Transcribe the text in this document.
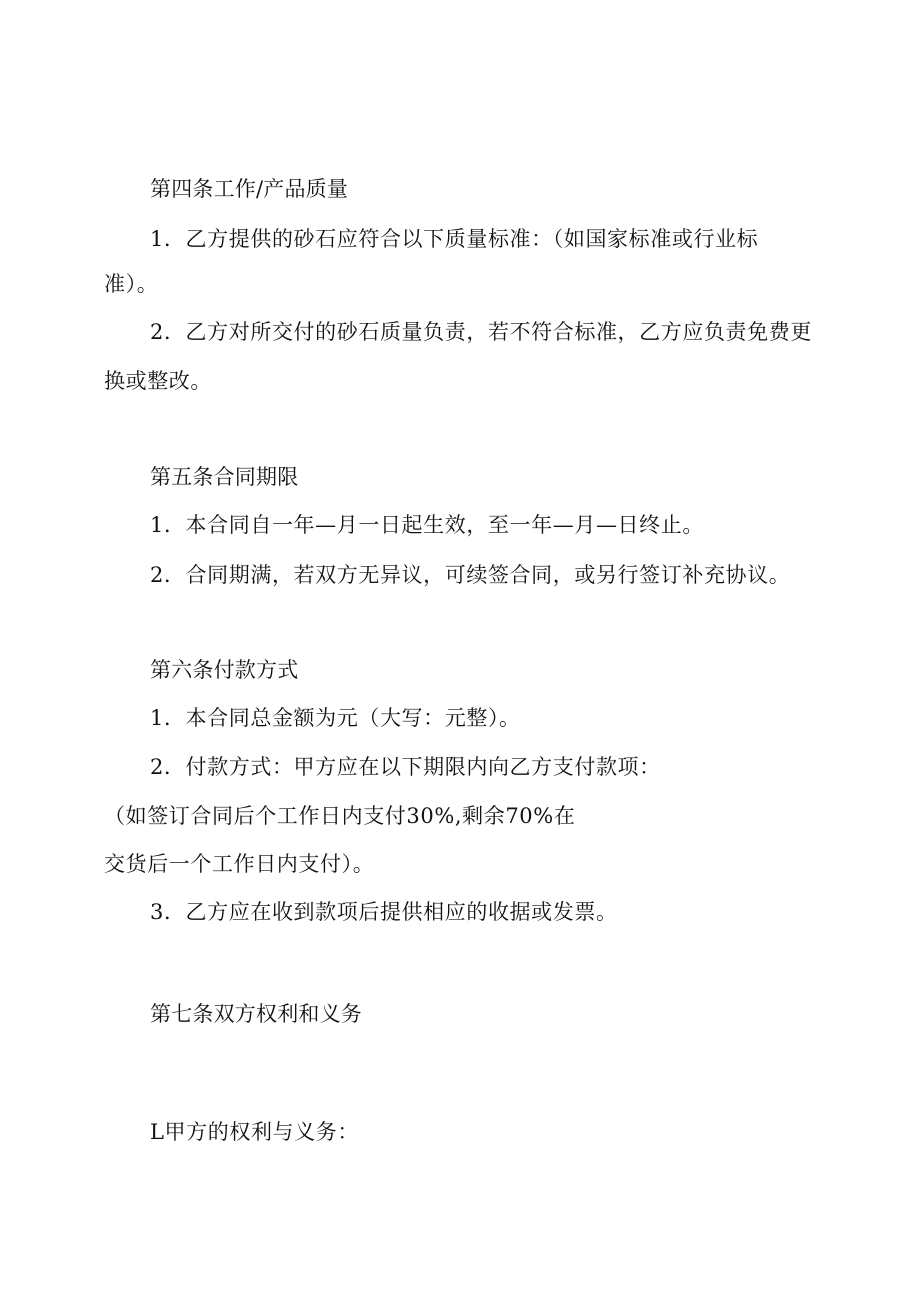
第四条工作/产品质量
1．乙方提供的砂石应符合以下质量标准：（如国家标准或行业标
准）。
2．乙方对所交付的砂石质量负责，若不符合标准，乙方应负责免费更
换或整改。
第五条合同期限
1．本合同自一年—月一日起生效，至一年—月—日终止。
2．合同期满，若双方无异议，可续签合同，或另行签订补充协议。
第六条付款方式
1．本合同总金额为元（大写：元整）。
2．付款方式：甲方应在以下期限内向乙方支付款项：
（如签订合同后个工作日内支付30%,剩余70%在
交货后一个工作日内支付）。
3．乙方应在收到款项后提供相应的收据或发票。
第七条双方权利和义务
L甲方的权利与义务：
